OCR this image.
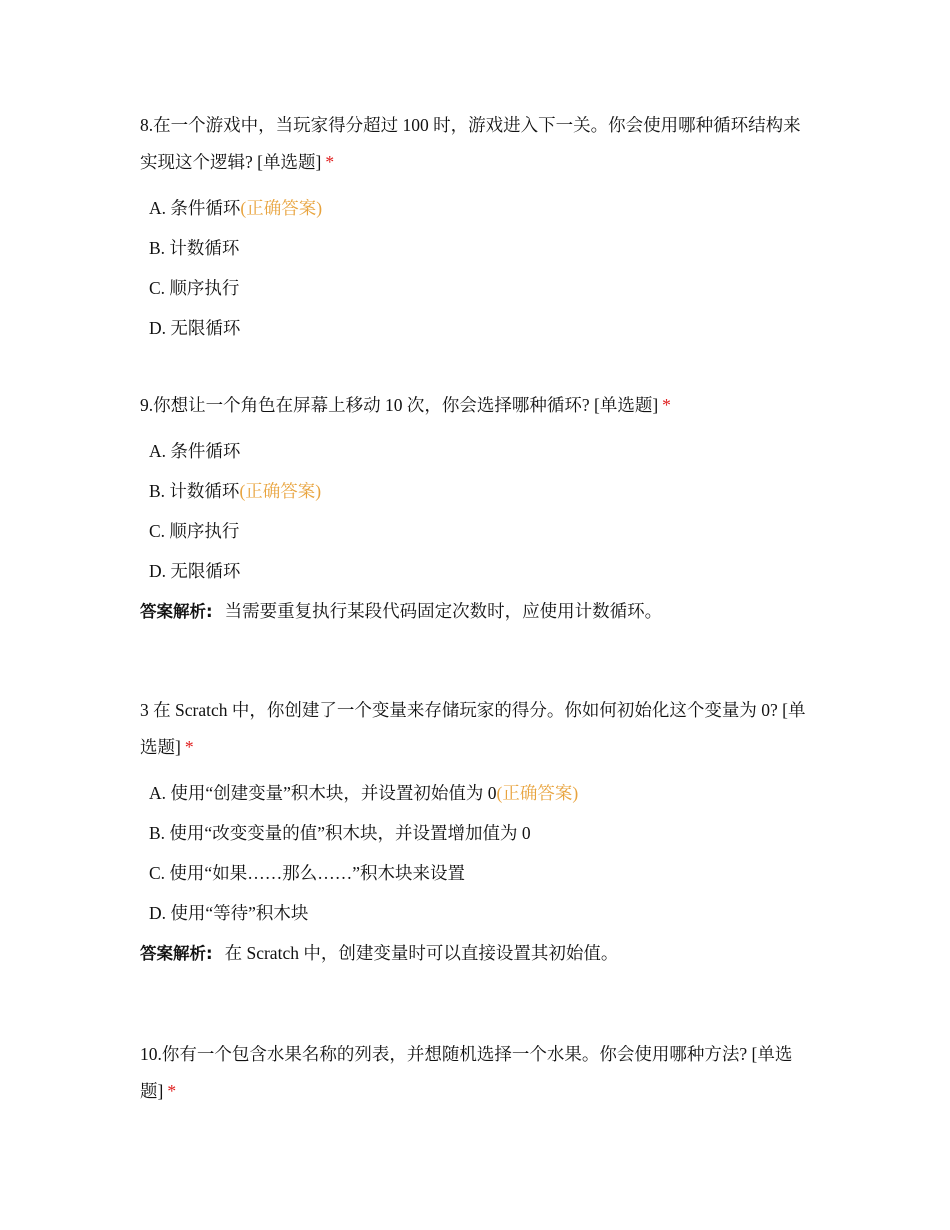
8.在一个游戏中，当玩家得分超过 100 时，游戏进入下一关。你会使用哪种循环结构来实现这个逻辑? [单选题] *

A. 条件循环(正确答案)
B. 计数循环
C. 顺序执行
D. 无限循环

9.你想让一个角色在屏幕上移动 10 次，你会选择哪种循环? [单选题] *

A. 条件循环
B. 计数循环(正确答案)
C. 顺序执行
D. 无限循环
答案解析: 当需要重复执行某段代码固定次数时，应使用计数循环。

3 在 Scratch 中，你创建了一个变量来存储玩家的得分。你如何初始化这个变量为 0? [单选题] *

A. 使用“创建变量”积木块，并设置初始值为 0(正确答案)
B. 使用“改变变量的值”积木块，并设置增加值为 0
C. 使用“如果……那么……”积木块来设置
D. 使用“等待”积木块
答案解析: 在 Scratch 中，创建变量时可以直接设置其初始值。

10.你有一个包含水果名称的列表，并想随机选择一个水果。你会使用哪种方法? [单选题] *
